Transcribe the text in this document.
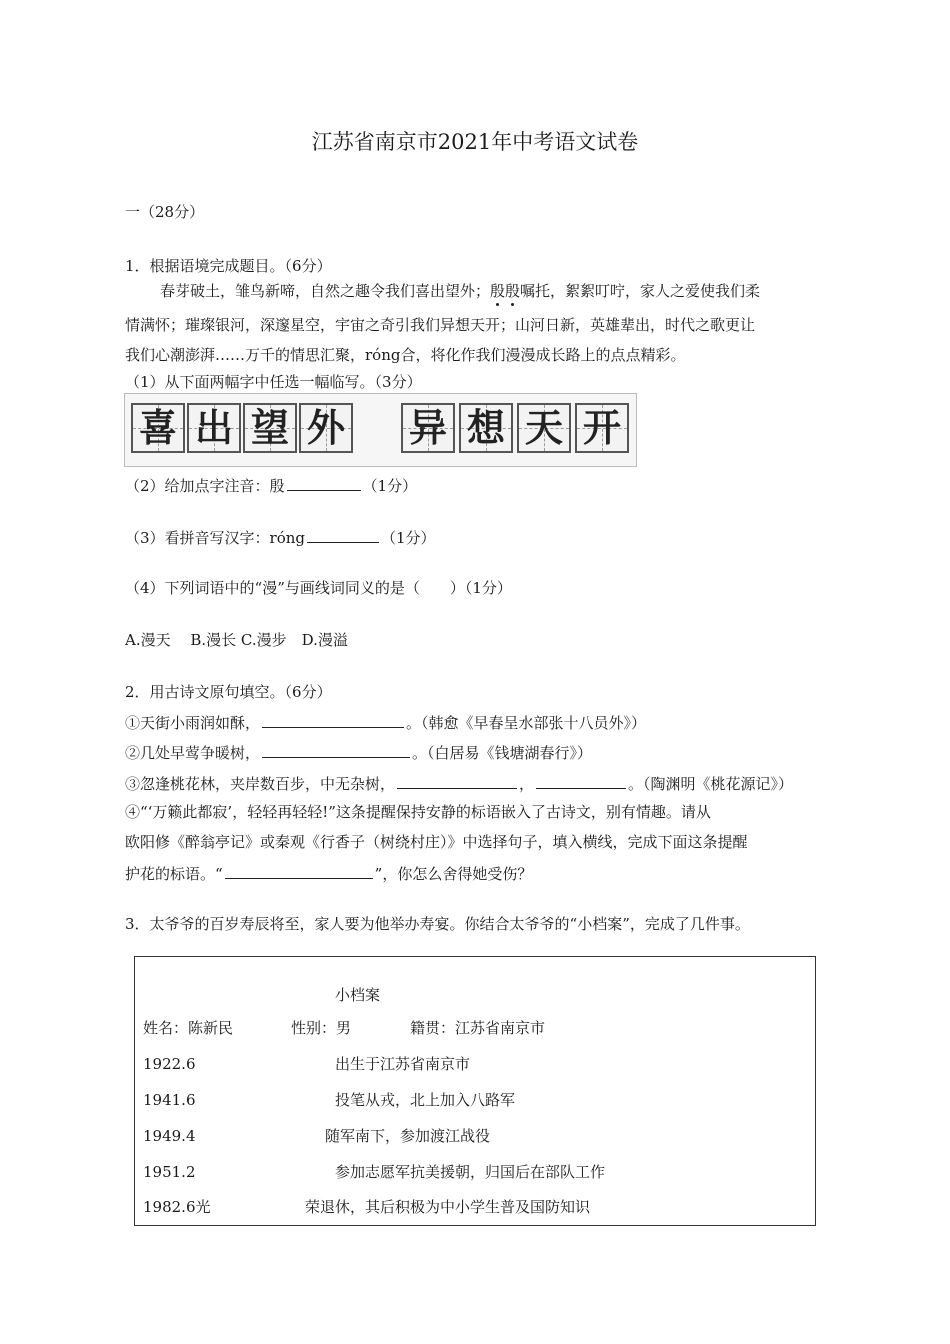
江苏省南京市2021年中考语文试卷
一（28分）
1．根据语境完成题目。（6分）
春芽破土，雏鸟新啼，自然之趣令我们喜出望外；殷殷嘱托，絮絮叮咛，家人之爱使我们柔
情满怀；璀璨银河，深邃星空，宇宙之奇引我们异想天开；山河日新，英雄辈出，时代之歌更让
我们心潮澎湃……万千的情思汇聚，róng合，将化作我们漫漫成长路上的点点精彩。
（1）从下面两幅字中任选一幅临写。（3分）
喜 出 望 外 异 想 天 开
（2）给加点字注音：殷	（1分）
（3）看拼音写汉字：róng	（1分）
（4）下列词语中的“漫”与画线词同义的是（　　）（1分）
A.漫天　 B.漫长 C.漫步　D.漫溢
2．用古诗文原句填空。（6分）
①天街小雨润如酥，	。（韩愈《早春呈水部张十八员外》）
②几处早莺争暖树，	。（白居易《钱塘湖春行》）
③忽逢桃花林，夹岸数百步，中无杂树，	，	。（陶渊明《桃花源记》）
④“‘万籁此都寂’，轻轻再轻轻!”这条提醒保持安静的标语嵌入了古诗文，别有情趣。请从
欧阳修《醉翁亭记》或秦观《行香子（树绕村庄）》中选择句子，填入横线，完成下面这条提醒
护花的标语。“	”，你怎么舍得她受伤？
3．太爷爷的百岁寿辰将至，家人要为他举办寿宴。你结合太爷爷的“小档案”，完成了几件事。
小档案
姓名：陈新民	性别：男	籍贯：江苏省南京市
1922.6	出生于江苏省南京市
1941.6	投笔从戎，北上加入八路军
1949.4	随军南下，参加渡江战役
1951.2	参加志愿军抗美援朝，归国后在部队工作
1982.6光	荣退休，其后积极为中小学生普及国防知识
